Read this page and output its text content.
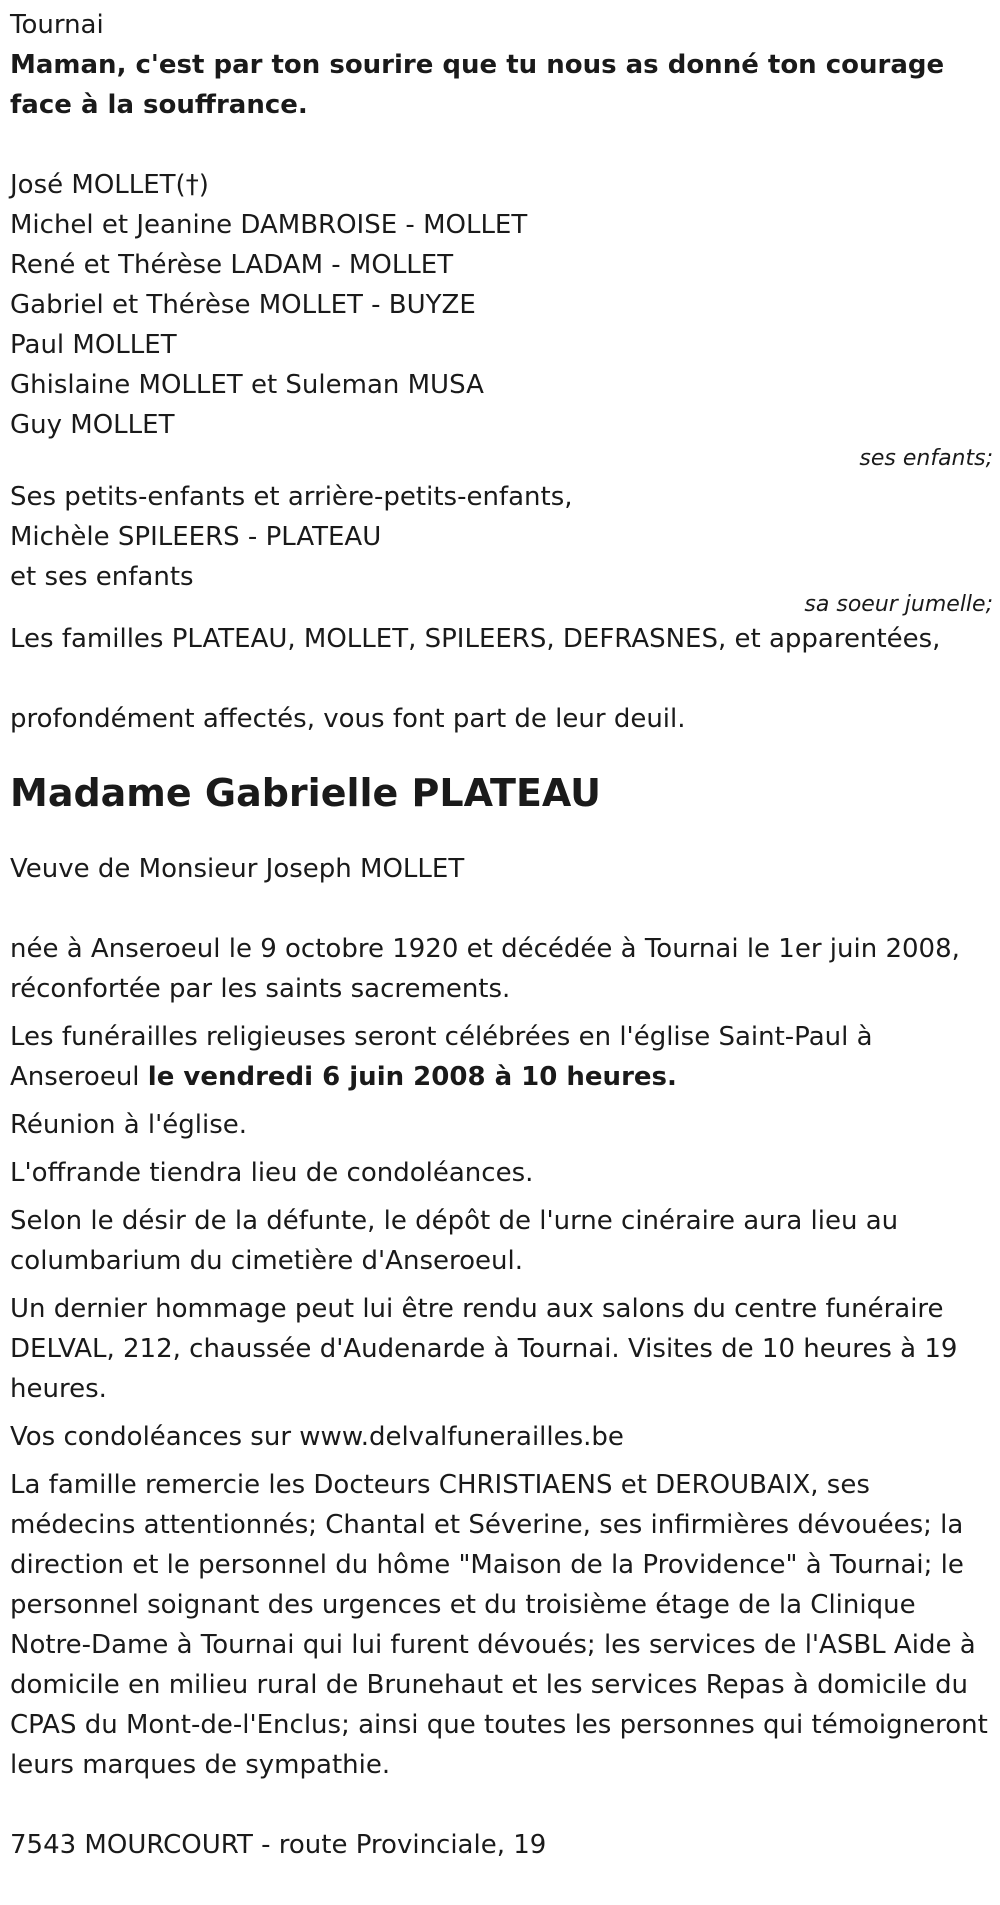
Tournai
Maman, c'est par ton sourire que tu nous as donné ton courage face à la souffrance.
José MOLLET(†)
Michel et Jeanine DAMBROISE - MOLLET
René et Thérèse LADAM - MOLLET
Gabriel et Thérèse MOLLET - BUYZE
Paul MOLLET
Ghislaine MOLLET et Suleman MUSA
Guy MOLLET
ses enfants;
Ses petits-enfants et arrière-petits-enfants,
Michèle SPILEERS - PLATEAU
et ses enfants
sa soeur jumelle;
Les familles PLATEAU, MOLLET, SPILEERS, DEFRASNES, et apparentées,
profondément affectés, vous font part de leur deuil.
Madame Gabrielle PLATEAU
Veuve de Monsieur Joseph MOLLET
née à Anseroeul le 9 octobre 1920 et décédée à Tournai le 1er juin 2008, réconfortée par les saints sacrements.
Les funérailles religieuses seront célébrées en l'église Saint-Paul à Anseroeul le vendredi 6 juin 2008 à 10 heures.
Réunion à l'église.
L'offrande tiendra lieu de condoléances.
Selon le désir de la défunte, le dépôt de l'urne cinéraire aura lieu au columbarium du cimetière d'Anseroeul.
Un dernier hommage peut lui être rendu aux salons du centre funéraire DELVAL, 212, chaussée d'Audenarde à Tournai. Visites de 10 heures à 19 heures.
Vos condoléances sur www.delvalfunerailles.be
La famille remercie les Docteurs CHRISTIAENS et DEROUBAIX, ses médecins attentionnés; Chantal et Séverine, ses infirmières dévouées; la direction et le personnel du hôme "Maison de la Providence" à Tournai; le personnel soignant des urgences et du troisième étage de la Clinique Notre-Dame à Tournai qui lui furent dévoués; les services de l'ASBL Aide à domicile en milieu rural de Brunehaut et les services Repas à domicile du CPAS du Mont-de-l'Enclus; ainsi que toutes les personnes qui témoigneront leurs marques de sympathie.
7543 MOURCOURT - route Provinciale, 19
